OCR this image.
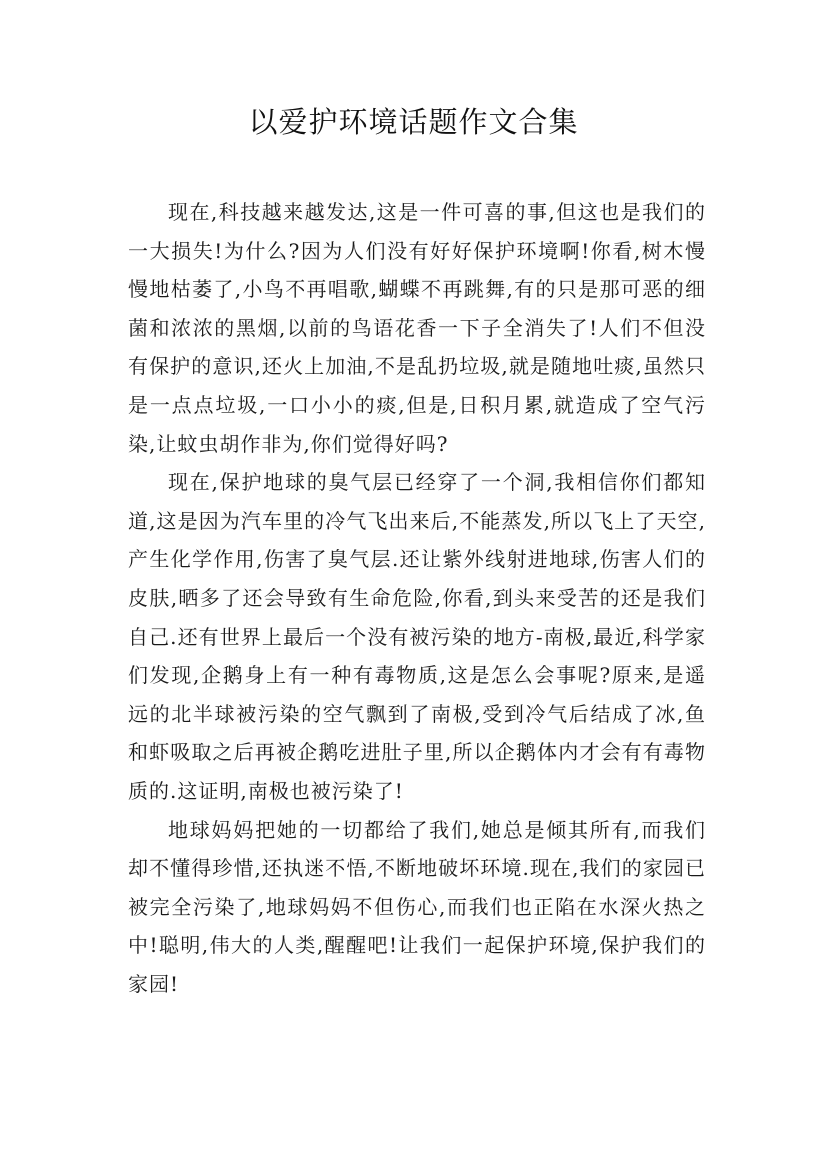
以爱护环境话题作文合集

现在,科技越来越发达,这是一件可喜的事,但这也是我们的一大损失!为什么?因为人们没有好好保护环境啊!你看,树木慢慢地枯萎了,小鸟不再唱歌,蝴蝶不再跳舞,有的只是那可恶的细菌和浓浓的黑烟,以前的鸟语花香一下子全消失了!人们不但没有保护的意识,还火上加油,不是乱扔垃圾,就是随地吐痰,虽然只是一点点垃圾,一口小小的痰,但是,日积月累,就造成了空气污染,让蚊虫胡作非为,你们觉得好吗?

现在,保护地球的臭气层已经穿了一个洞,我相信你们都知道,这是因为汽车里的冷气飞出来后,不能蒸发,所以飞上了天空,产生化学作用,伤害了臭气层.还让紫外线射进地球,伤害人们的皮肤,晒多了还会导致有生命危险,你看,到头来受苦的还是我们自己.还有世界上最后一个没有被污染的地方-南极,最近,科学家们发现,企鹅身上有一种有毒物质,这是怎么会事呢?原来,是遥远的北半球被污染的空气飘到了南极,受到冷气后结成了冰,鱼和虾吸取之后再被企鹅吃进肚子里,所以企鹅体内才会有有毒物质的.这证明,南极也被污染了!

地球妈妈把她的一切都给了我们,她总是倾其所有,而我们却不懂得珍惜,还执迷不悟,不断地破坏环境.现在,我们的家园已被完全污染了,地球妈妈不但伤心,而我们也正陷在水深火热之中!聪明,伟大的人类,醒醒吧!让我们一起保护环境,保护我们的家园!
